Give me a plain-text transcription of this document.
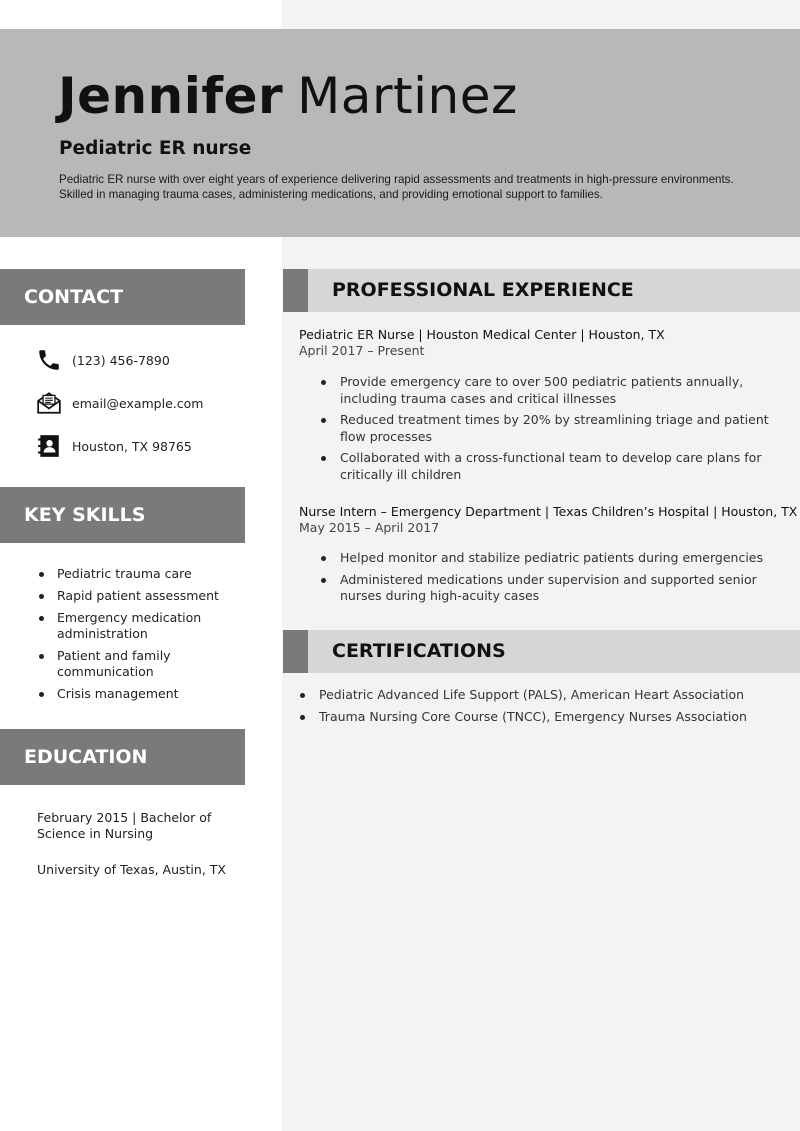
Jennifer Martinez
Pediatric ER nurse
Pediatric ER nurse with over eight years of experience delivering rapid assessments and treatments in high-pressure environments. Skilled in managing trauma cases, administering medications, and providing emotional support to families.
CONTACT
(123) 456-7890
email@example.com
Houston, TX 98765
KEY SKILLS
Pediatric trauma care
Rapid patient assessment
Emergency medication administration
Patient and family communication
Crisis management
EDUCATION
February 2015 | Bachelor of Science in Nursing
University of Texas, Austin, TX
PROFESSIONAL EXPERIENCE
Pediatric ER Nurse | Houston Medical Center | Houston, TX
April 2017 – Present
Provide emergency care to over 500 pediatric patients annually, including trauma cases and critical illnesses
Reduced treatment times by 20% by streamlining triage and patient flow processes
Collaborated with a cross-functional team to develop care plans for critically ill children
Nurse Intern – Emergency Department | Texas Children’s Hospital | Houston, TX
May 2015 – April 2017
Helped monitor and stabilize pediatric patients during emergencies
Administered medications under supervision and supported senior nurses during high-acuity cases
CERTIFICATIONS
Pediatric Advanced Life Support (PALS), American Heart Association
Trauma Nursing Core Course (TNCC), Emergency Nurses Association
